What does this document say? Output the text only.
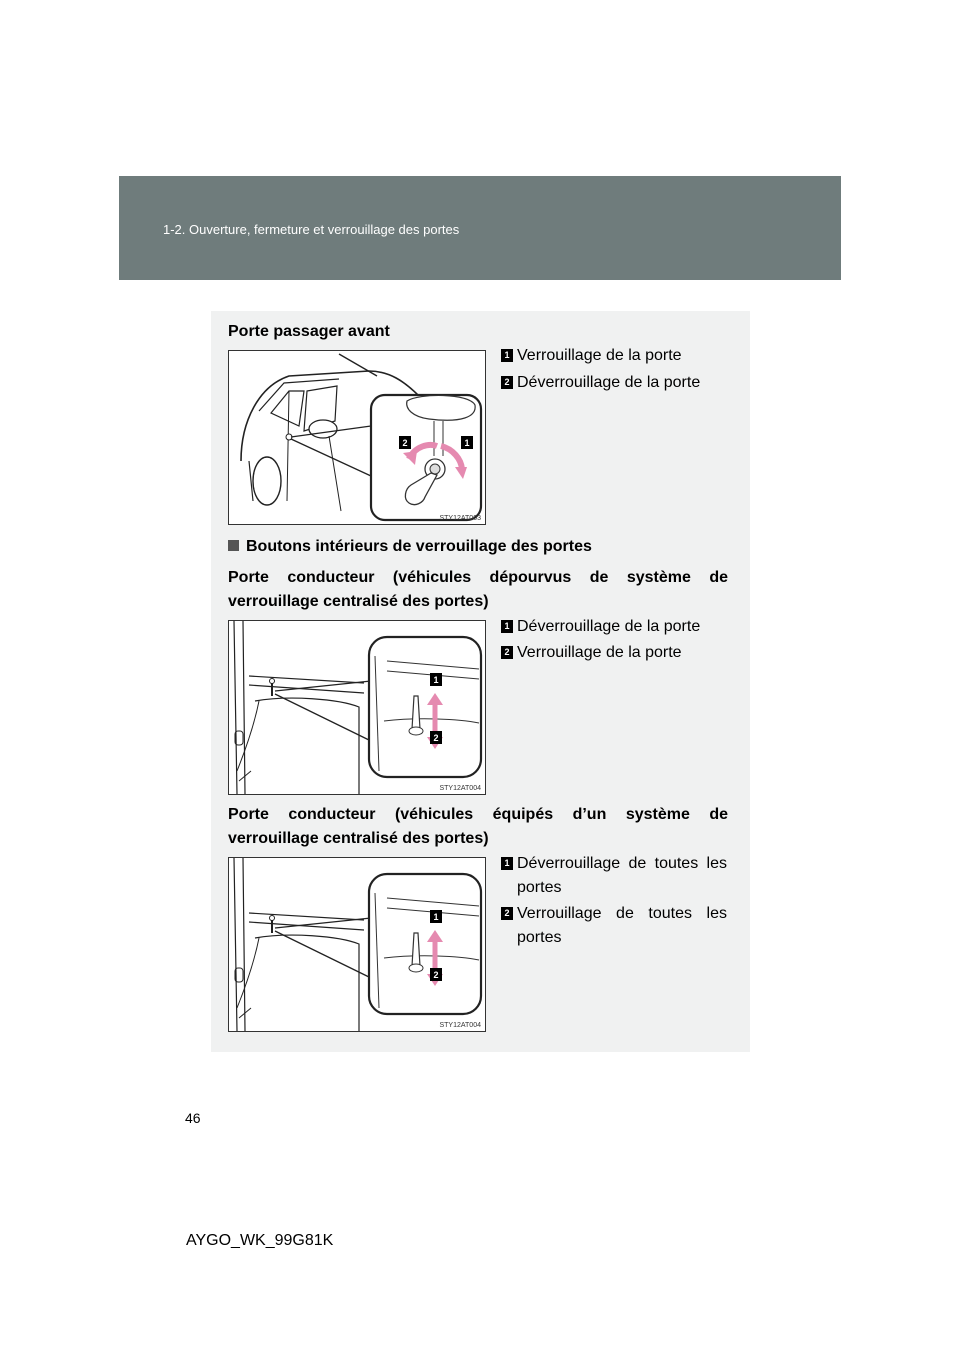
1-2. Ouverture, fermeture et verrouillage des portes
Porte passager avant
2	1
STY12AT003
1 Verrouillage de la porte
2 Déverrouillage de la porte
Boutons intérieurs de verrouillage des portes
Porte conducteur (véhicules dépourvus de système de
verrouillage centralisé des portes)
1
2
STY12AT004
1 Déverrouillage de la porte
2 Verrouillage de la porte
Porte conducteur (véhicules équipés d’un système de
verrouillage centralisé des portes)
1
2
STY12AT004
1 Déverrouillage de toutes les
portes
2 Verrouillage de toutes les
portes
46
AYGO_WK_99G81K
